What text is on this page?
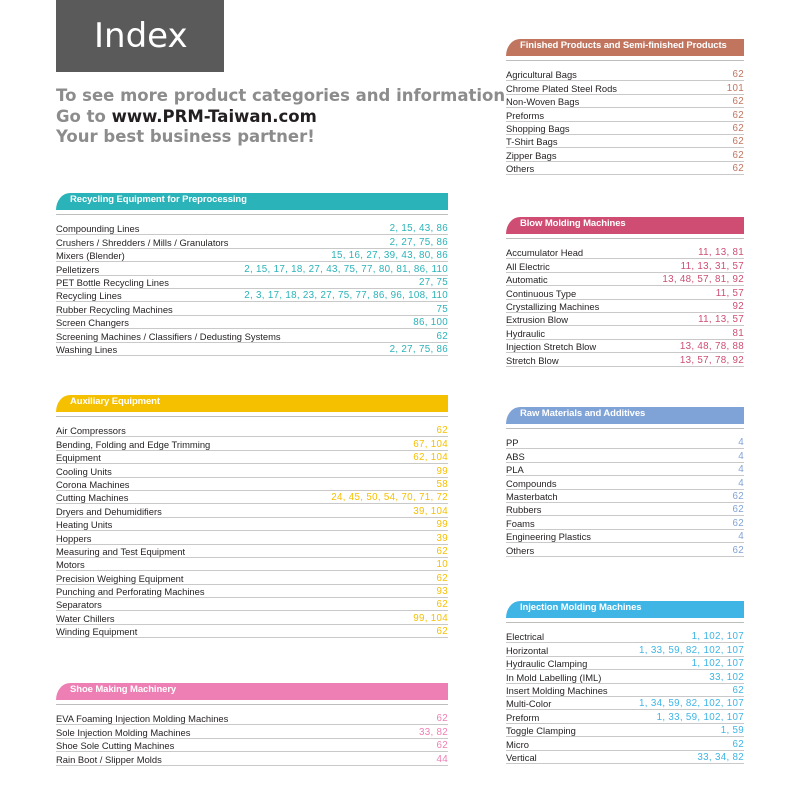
Index
To see more product categories and information
Go to www.PRM-Taiwan.com
Your best business partner!
Recycling Equipment for Preprocessing
Compounding Lines	2, 15, 43, 86
Crushers / Shredders / Mills / Granulators	2, 27, 75, 86
Mixers (Blender)	15, 16, 27, 39, 43, 80, 86
Pelletizers	2, 15, 17, 18, 27, 43, 75, 77, 80, 81, 86, 110
PET Bottle Recycling Lines	27, 75
Recycling Lines	2, 3, 17, 18, 23, 27, 75, 77, 86, 96, 108, 110
Rubber Recycling Machines	75
Screen Changers	86, 100
Screening Machines / Classifiers / Dedusting Systems	62
Washing Lines	2, 27, 75, 86
Auxiliary Equipment
Air Compressors	62
Bending, Folding and Edge Trimming	67, 104
Equipment	62, 104
Cooling Units	99
Corona Machines	58
Cutting Machines	24, 45, 50, 54, 70, 71, 72
Dryers and Dehumidifiers	39, 104
Heating Units	99
Hoppers	39
Measuring and Test Equipment	62
Motors	10
Precision Weighing Equipment	62
Punching and Perforating Machines	93
Separators	62
Water Chillers	99, 104
Winding Equipment	62
Shoe Making Machinery
EVA Foaming Injection Molding Machines	62
Sole Injection Molding Machines	33, 82
Shoe Sole Cutting Machines	62
Rain Boot / Slipper Molds	44
Finished Products and Semi-finished Products
Agricultural Bags	62
Chrome Plated Steel Rods	101
Non-Woven Bags	62
Preforms	62
Shopping Bags	62
T-Shirt Bags	62
Zipper Bags	62
Others	62
Blow Molding Machines
Accumulator Head	11, 13, 81
All Electric	11, 13, 31, 57
Automatic	13, 48, 57, 81, 92
Continuous Type	11, 57
Crystallizing Machines	92
Extrusion Blow	11, 13, 57
Hydraulic	81
Injection Stretch Blow	13, 48, 78, 88
Stretch Blow	13, 57, 78, 92
Raw Materials and Additives
PP	4
ABS	4
PLA	4
Compounds	4
Masterbatch	62
Rubbers	62
Foams	62
Engineering Plastics	4
Others	62
Injection Molding Machines
Electrical	1, 102, 107
Horizontal	1, 33, 59, 82, 102, 107
Hydraulic Clamping	1, 102, 107
In Mold Labelling (IML)	33, 102
Insert Molding Machines	62
Multi-Color	1, 34, 59, 82, 102, 107
Preform	1, 33, 59, 102, 107
Toggle Clamping	1, 59
Micro	62
Vertical	33, 34, 82
